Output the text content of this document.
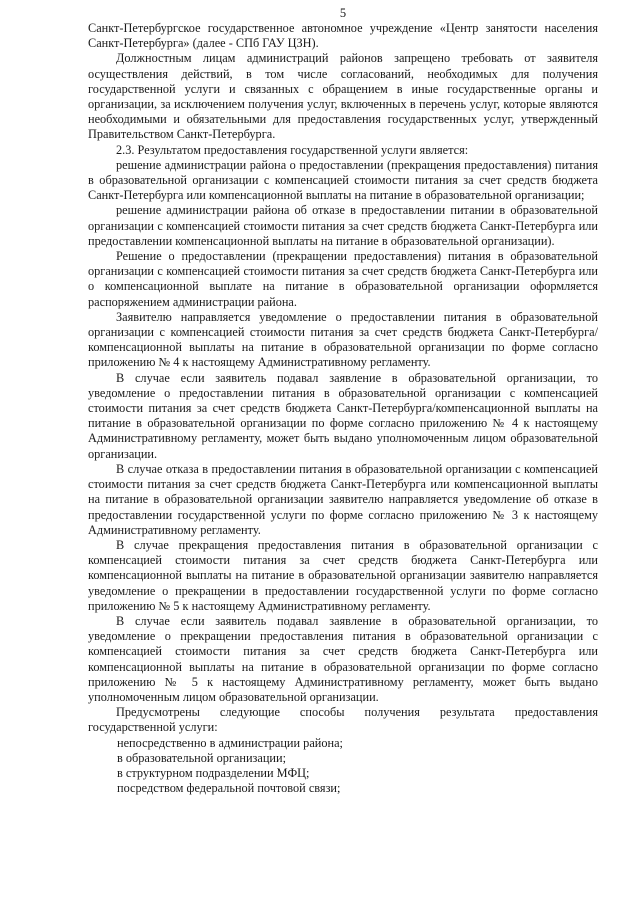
5

Санкт-Петербургское государственное автономное учреждение «Центр занятости населения Санкт-Петербурга» (далее - СПб ГАУ ЦЗН).

Должностным лицам администраций районов запрещено требовать от заявителя осуществления действий, в том числе согласований, необходимых для получения государственной услуги и связанных с обращением в иные государственные органы и организации, за исключением получения услуг, включенных в перечень услуг, которые являются необходимыми и обязательными для предоставления государственных услуг, утвержденный Правительством Санкт-Петербурга.

2.3. Результатом предоставления государственной услуги является:

решение администрации района о предоставлении (прекращения предоставления) питания в образовательной организации с компенсацией стоимости питания за счет средств бюджета Санкт-Петербурга или компенсационной выплаты на питание в образовательной организации;

решение администрации района об отказе в предоставлении питании в образовательной организации с компенсацией стоимости питания за счет средств бюджета Санкт-Петербурга или предоставлении компенсационной выплаты на питание в образовательной организации).

Решение о предоставлении (прекращении предоставления) питания в образовательной организации с компенсацией стоимости питания за счет средств бюджета Санкт-Петербурга или о компенсационной выплате на питание в образовательной организации оформляется распоряжением администрации района.

Заявителю направляется уведомление о предоставлении питания в образовательной организации с компенсацией стоимости питания за счет средств бюджета Санкт-Петербурга/компенсационной выплаты на питание в образовательной организации по форме согласно приложению № 4 к настоящему Административному регламенту.

В случае если заявитель подавал заявление в образовательной организации, то уведомление о предоставлении питания в образовательной организации с компенсацией стоимости питания за счет средств бюджета Санкт-Петербурга/компенсационной выплаты на питание в образовательной организации по форме согласно приложению № 4 к настоящему Административному регламенту, может быть выдано уполномоченным лицом образовательной организации.

В случае отказа в предоставлении питания в образовательной организации с компенсацией стоимости питания за счет средств бюджета Санкт-Петербурга или компенсационной выплаты на питание в образовательной организации заявителю направляется уведомление об отказе в предоставлении государственной услуги по форме согласно приложению № 3 к настоящему Административному регламенту.

В случае прекращения предоставления питания в образовательной организации с компенсацией стоимости питания за счет средств бюджета Санкт-Петербурга или компенсационной выплаты на питание в образовательной организации заявителю направляется уведомление о прекращении в предоставлении государственной услуги по форме согласно приложению № 5 к настоящему Административному регламенту.

В случае если заявитель подавал заявление в образовательной организации, то уведомление о прекращении предоставления питания в образовательной организации с компенсацией стоимости питания за счет средств бюджета Санкт-Петербурга или компенсационной выплаты на питание в образовательной организации по форме согласно приложению № 5 к настоящему Административному регламенту, может быть выдано уполномоченным лицом образовательной организации.

Предусмотрены следующие способы получения результата предоставления государственной услуги:

непосредственно в администрации района;

в образовательной организации;

в структурном подразделении МФЦ;

посредством федеральной почтовой связи;
